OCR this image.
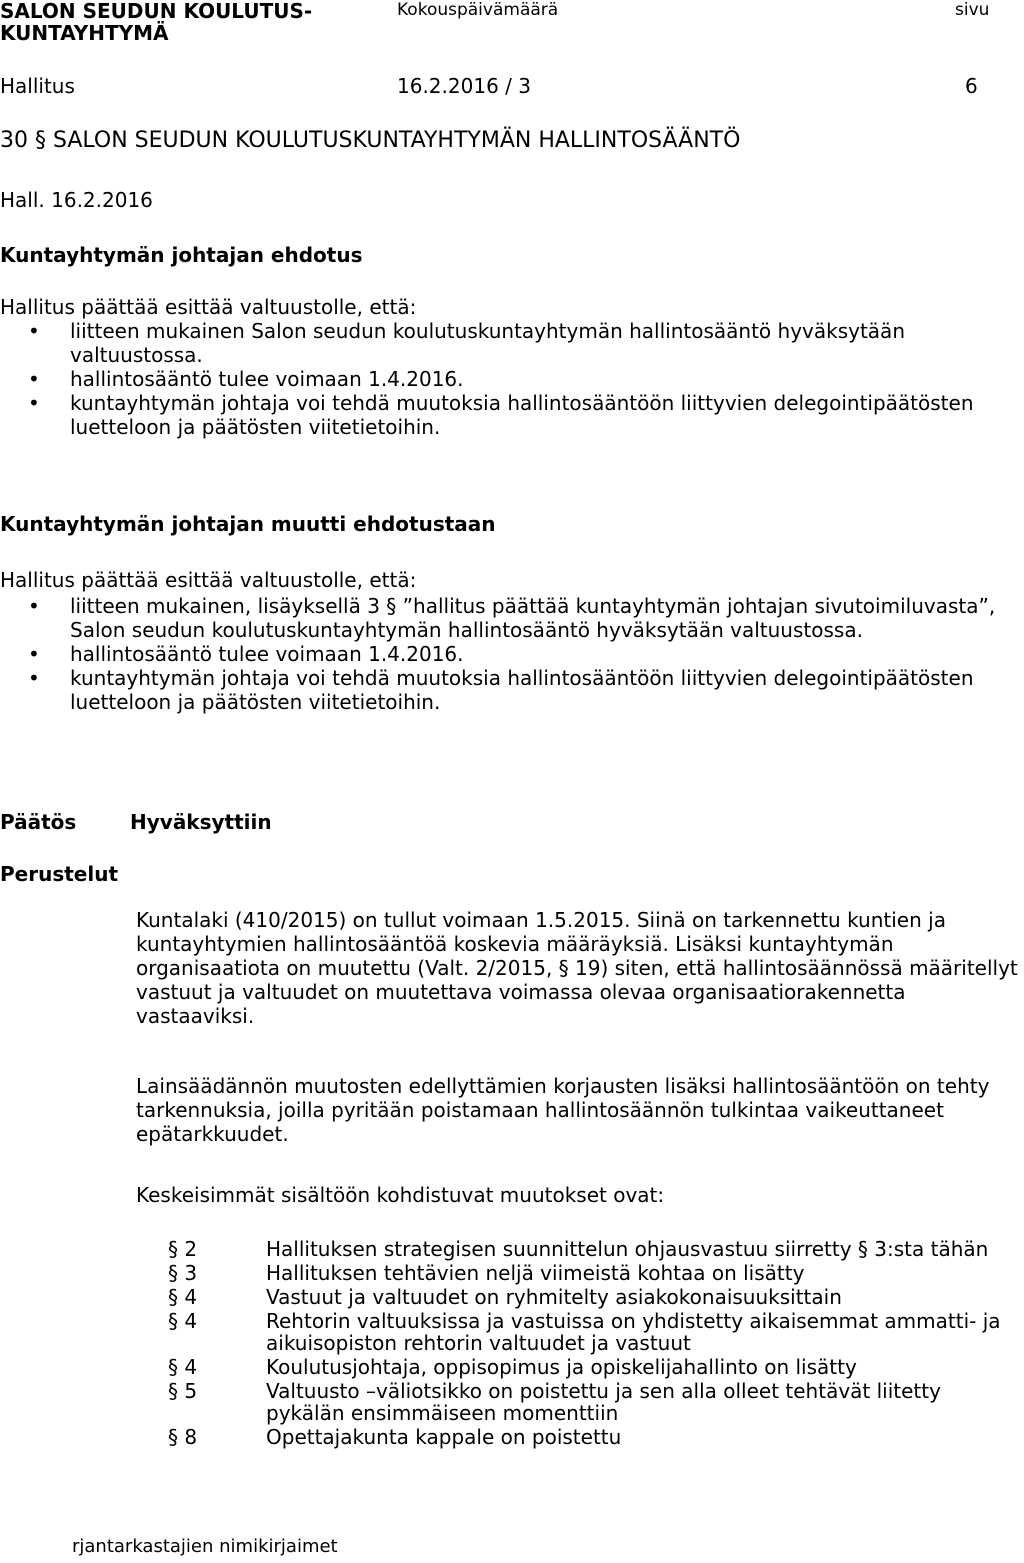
SALON SEUDUN KOULUTUS-
KUNTAYHTYMÄ
Kokouspäivämäärä	sivu
Hallitus	16.2.2016 / 3	6
30 § SALON SEUDUN KOULUTUSKUNTAYHTYMÄN HALLINTOSÄÄNTÖ
Hall. 16.2.2016
Kuntayhtymän johtajan ehdotus
Hallitus päättää esittää valtuustolle, että:
• liitteen mukainen Salon seudun koulutuskuntayhtymän hallintosääntö hyväksytään valtuustossa.
• hallintosääntö tulee voimaan 1.4.2016.
• kuntayhtymän johtaja voi tehdä muutoksia hallintosääntöön liittyvien delegointipäätösten luetteloon ja päätösten viitetietoihin.
Kuntayhtymän johtajan muutti ehdotustaan
Hallitus päättää esittää valtuustolle, että:
• liitteen mukainen, lisäyksellä 3 § ”hallitus päättää kuntayhtymän johtajan sivutoimiluvasta”, Salon seudun koulutuskuntayhtymän hallintosääntö hyväksytään valtuustossa.
• hallintosääntö tulee voimaan 1.4.2016.
• kuntayhtymän johtaja voi tehdä muutoksia hallintosääntöön liittyvien delegointipäätösten luetteloon ja päätösten viitetietoihin.
Päätös	Hyväksyttiin
Perustelut
Kuntalaki (410/2015) on tullut voimaan 1.5.2015. Siinä on tarkennettu kuntien ja kuntayhtymien hallintosääntöä koskevia määräyksiä. Lisäksi kuntayhtymän organisaatiota on muutettu (Valt. 2/2015, § 19) siten, että hallintosäännössä määritellyt vastuut ja valtuudet on muutettava voimassa olevaa organisaatiorakennetta vastaaviksi.
Lainsäädännön muutosten edellyttämien korjausten lisäksi hallintosääntöön on tehty tarkennuksia, joilla pyritään poistamaan hallintosäännön tulkintaa vaikeuttaneet epätarkkuudet.
Keskeisimmät sisältöön kohdistuvat muutokset ovat:
§ 2	Hallituksen strategisen suunnittelun ohjausvastuu siirretty § 3:sta tähän
§ 3	Hallituksen tehtävien neljä viimeistä kohtaa on lisätty
§ 4	Vastuut ja valtuudet on ryhmitelty asiakokonaisuuksittain
§ 4	Rehtorin valtuuksissa ja vastuissa on yhdistetty aikaisemmat ammatti- ja aikuisopiston rehtorin valtuudet ja vastuut
§ 4	Koulutusjohtaja, oppisopimus ja opiskelijahallinto on lisätty
§ 5	Valtuusto –väliotsikko on poistettu ja sen alla olleet tehtävät liitetty pykälän ensimmäiseen momenttiin
§ 8	Opettajakunta kappale on poistettu
rjantarkastajien nimikirjaimet
